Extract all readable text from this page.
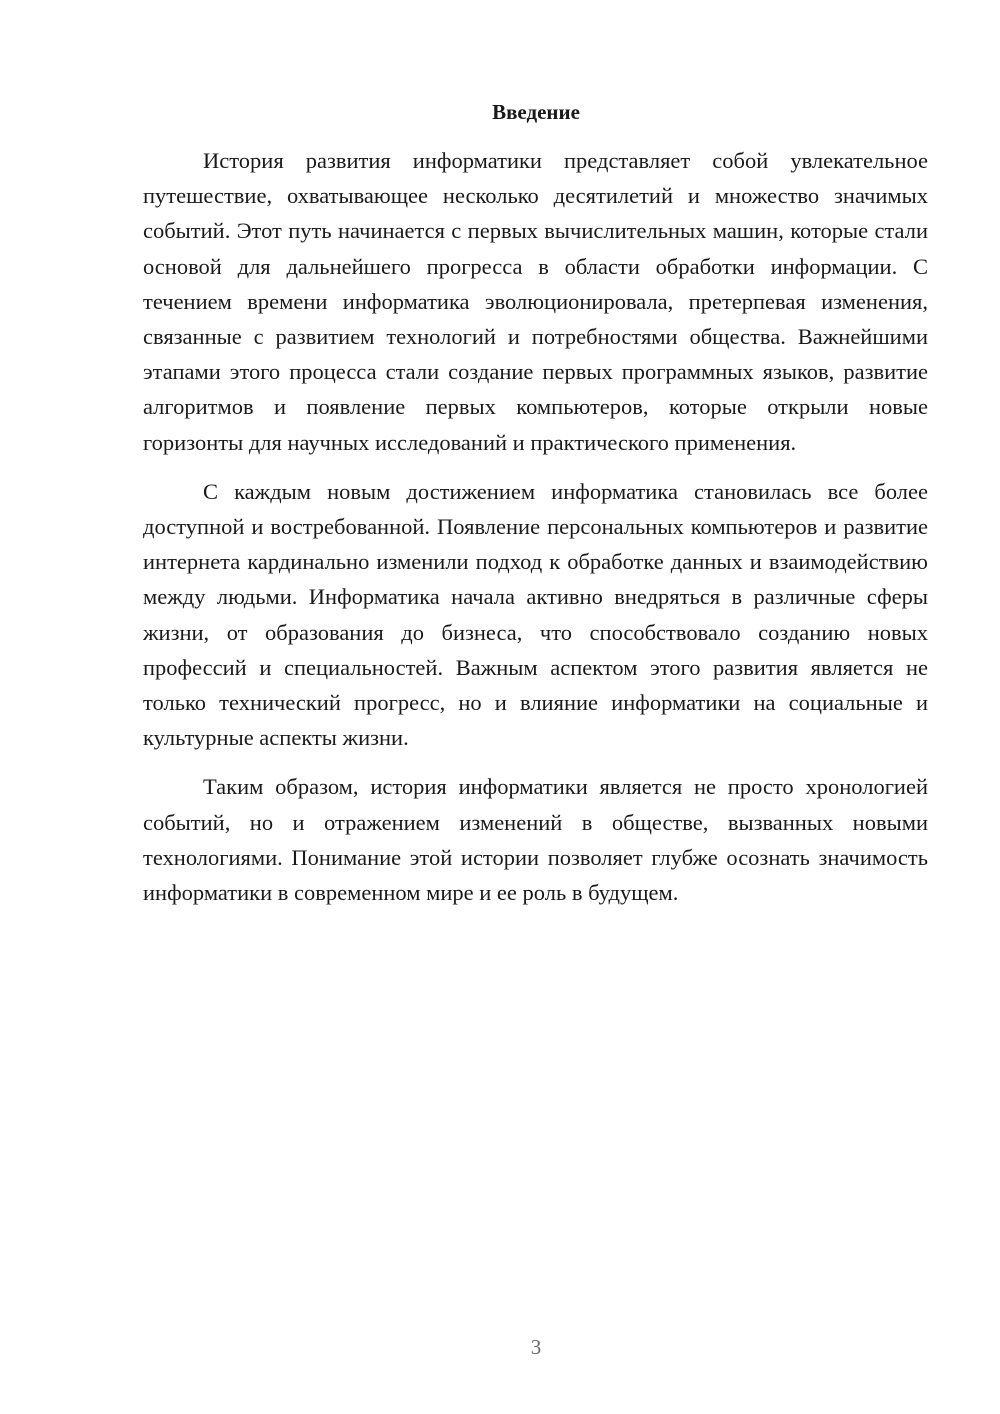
Введение

История развития информатики представляет собой увлекательное путешествие, охватывающее несколько десятилетий и множество значимых событий. Этот путь начинается с первых вычислительных машин, которые стали основой для дальнейшего прогресса в области обработки информации. С течением времени информатика эволюционировала, претерпевая изменения, связанные с развитием технологий и потребностями общества. Важнейшими этапами этого процесса стали создание первых программных языков, развитие алгоритмов и появление первых компьютеров, которые открыли новые горизонты для научных исследований и практического применения.

С каждым новым достижением информатика становилась все более доступной и востребованной. Появление персональных компьютеров и развитие интернета кардинально изменили подход к обработке данных и взаимодействию между людьми. Информатика начала активно внедряться в различные сферы жизни, от образования до бизнеса, что способствовало созданию новых профессий и специальностей. Важным аспектом этого развития является не только технический прогресс, но и влияние информатики на социальные и культурные аспекты жизни.

Таким образом, история информатики является не просто хронологией событий, но и отражением изменений в обществе, вызванных новыми технологиями. Понимание этой истории позволяет глубже осознать значимость информатики в современном мире и ее роль в будущем.

3
